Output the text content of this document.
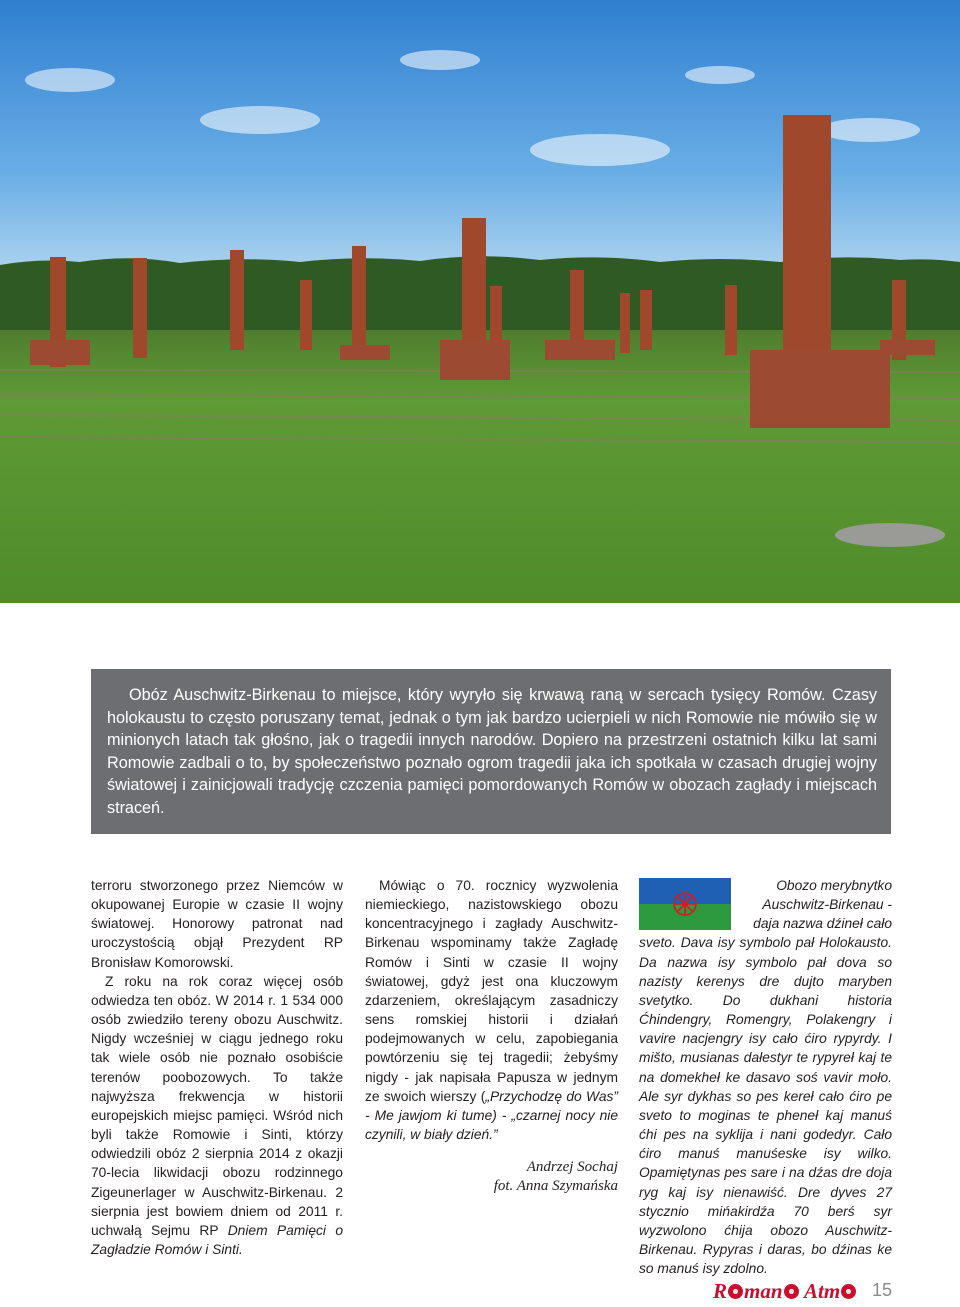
Obóz Auschwitz-Birkenau to miejsce, który wyryło się krwawą raną w sercach tysięcy Romów. Czasy holokaustu to często poruszany temat, jednak o tym jak bardzo ucierpieli w nich Romowie nie mówiło się w minionych latach tak głośno, jak o tragedii innych narodów. Dopiero na przestrzeni ostatnich kilku lat sami Romowie zadbali o to, by społeczeństwo poznało ogrom tragedii jaka ich spotkała w czasach drugiej wojny światowej i zainicjowali tradycję czczenia pamięci pomordowanych Romów w obozach zagłady i miejscach straceń.

terroru stworzonego przez Niemców w okupowanej Europie w czasie II wojny światowej. Honorowy patronat nad uroczystością objął Prezydent RP Bronisław Komorowski.

Z roku na rok coraz więcej osób odwiedza ten obóz. W 2014 r. 1 534 000 osób zwiedziło tereny obozu Auschwitz. Nigdy wcześniej w ciągu jednego roku tak wiele osób nie poznało osobiście terenów poobozowych. To także najwyższa frekwencja w historii europejskich miejsc pamięci. Wśród nich byli także Romowie i Sinti, którzy odwiedzili obóz 2 sierpnia 2014 z okazji 70-lecia likwidacji obozu rodzinnego Zigeunerlager w Auschwitz-Birkenau. 2 sierpnia jest bowiem dniem od 2011 r. uchwałą Sejmu RP Dniem Pamięci o Zagładzie Romów i Sinti.

Mówiąc o 70. rocznicy wyzwolenia niemieckiego, nazistowskiego obozu koncentracyjnego i zagłady Auschwitz-Birkenau wspominamy także Zagładę Romów i Sinti w czasie II wojny światowej, gdyż jest ona kluczowym zdarzeniem, określającym zasadniczy sens romskiej historii i działań podejmowanych w celu, zapobiegania powtórzeniu się tej tragedii; żebyśmy nigdy - jak napisała Papusza w jednym ze swoich wierszy („Przychodzę do Was” - Me jawjom ki tume) - „czarnej nocy nie czynili, w biały dzień.”

Andrzej Sochaj
fot. Anna Szymańska

Obozo merybnytko Auschwitz-Birkenau - daja nazwa dźineł cało

sveto. Dava isy symbolo pał Holokausto. Da nazwa isy symbolo pał dova so nazisty kerenys dre dujto maryben svetytko. Do dukhani historia Ćhindengry, Romengry, Polakengry i vavire nacjengry isy cało ćiro rypyrdy. I mišto, musianas dałestyr te rypyreł kaj te na domekheł ke dasavo soś vavir moło. Ale syr dykhas so pes kereł cało ćiro pe sveto to moginas te pheneł kaj manuś ćhi pes na syklija i nani godedyr. Cało ćiro manuś manuśeske isy wilko. Opamiętynas pes sare i na dźas dre doja ryg kaj isy nienawiść. Dre dyves 27 stycznio mińakirdźa 70 berś syr wyzwolono ćhija obozo Auschwitz-Birkenau. Rypyras i daras, bo dźinas ke so manuś isy zdolno.

R man Atm	15
